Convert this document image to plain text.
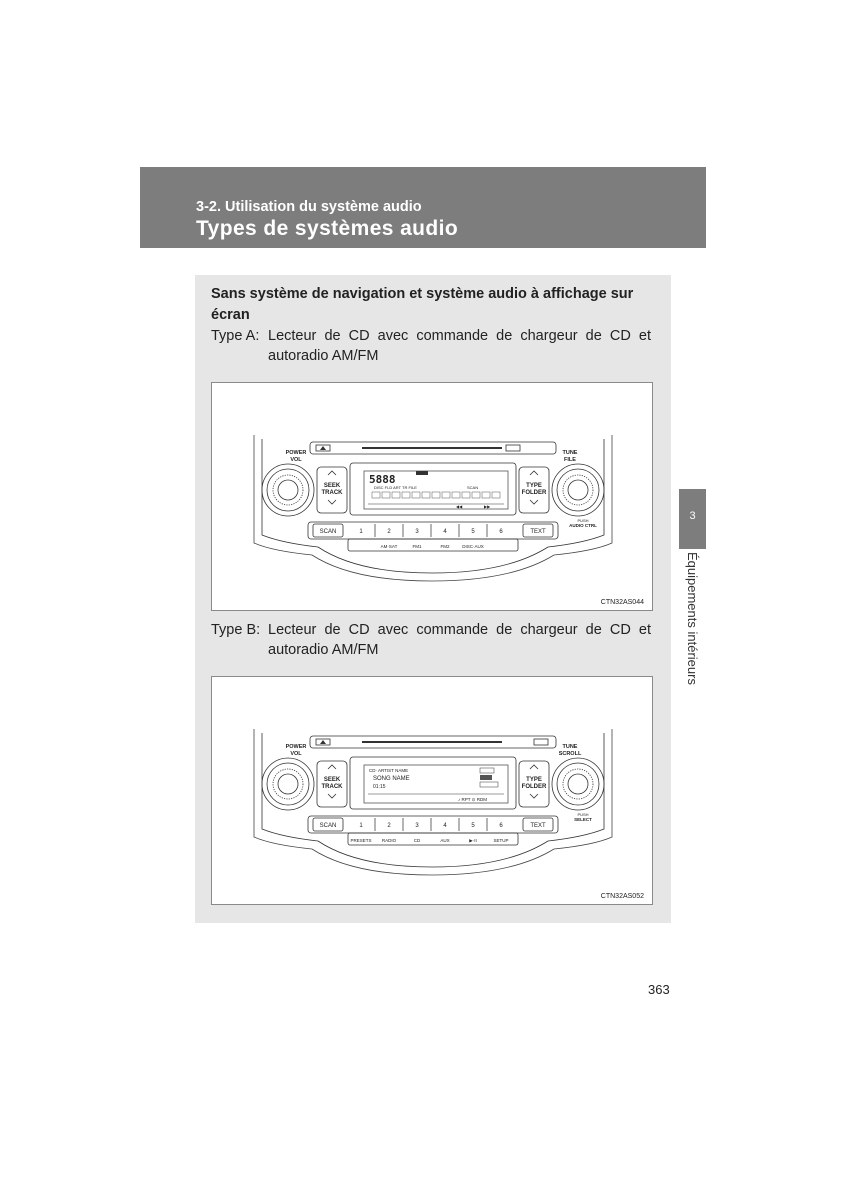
3-2. Utilisation du système audio
Types de systèmes audio
3
Équipements intérieurs
Sans système de navigation et système audio à affichage sur écran
Type A: Lecteur de CD avec commande de chargeur de CD et autoradio AM/FM
POWER
VOL
TUNE
FILE
SEEK
TRACK
TYPE
FOLDER
PUSH
AUDIO CTRL
5888
DISC FLD ART TR FILE	SCAN
◀◀	▶▶
SCAN	TEXT
1	2	3	4	5	6
AM·SAT	FM1	FM2	DISC·AUX
CTN32AS044
Type B: Lecteur de CD avec commande de chargeur de CD et autoradio AM/FM
POWER
VOL
TUNE
SCROLL
SEEK
TRACK
TYPE
FOLDER
PUSH
SELECT
CD· ARTIST NAME
SONG NAME
01:15
♪ RPT ⊙ RDM
SCAN	TEXT
1	2	3	4	5	6
PRESETS RADIO	CD	AUX	▶·II	SETUP
CTN32AS052
363
